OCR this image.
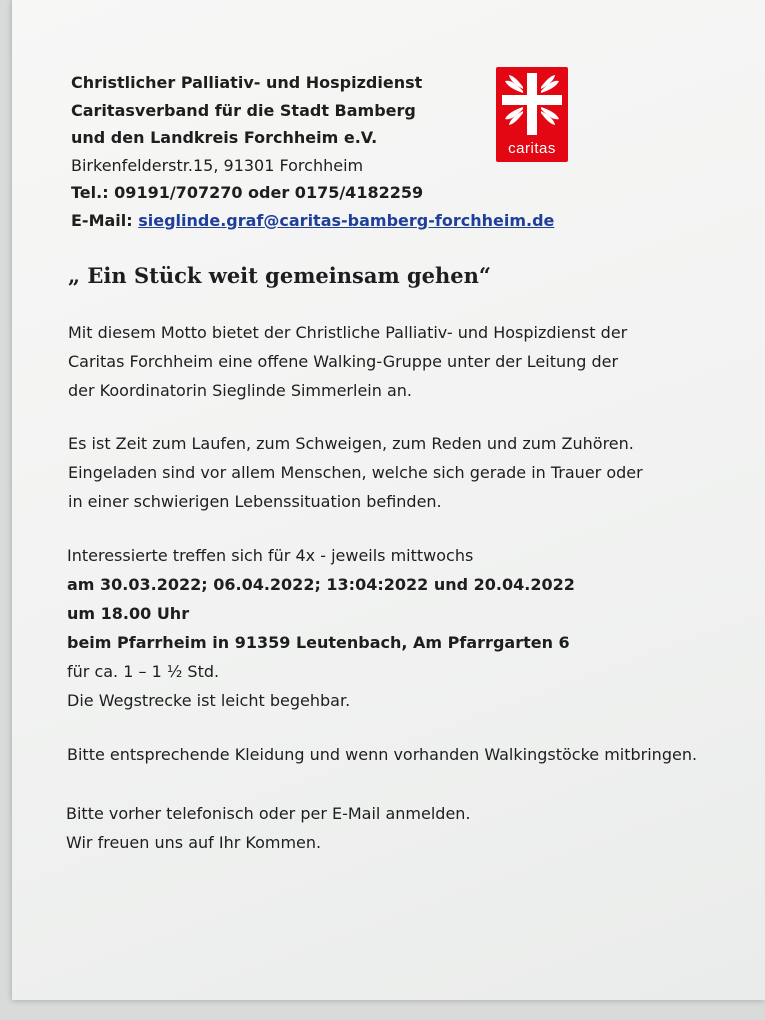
Christlicher Palliativ- und Hospizdienst
Caritasverband für die Stadt Bamberg
und den Landkreis Forchheim e.V.
Birkenfelderstr.15, 91301 Forchheim
Tel.: 09191/707270 oder 0175/4182259
E-Mail: sieglinde.graf@caritas-bamberg-forchheim.de
caritas
„ Ein Stück weit gemeinsam gehen“
Mit diesem Motto bietet der Christliche Palliativ- und Hospizdienst der
Caritas Forchheim eine offene Walking-Gruppe unter der Leitung der
der Koordinatorin Sieglinde Simmerlein an.
Es ist Zeit zum Laufen, zum Schweigen, zum Reden und zum Zuhören.
Eingeladen sind vor allem Menschen, welche sich gerade in Trauer oder
in einer schwierigen Lebenssituation befinden.
Interessierte treffen sich für 4x - jeweils mittwochs
am 30.03.2022; 06.04.2022; 13:04:2022 und 20.04.2022
um 18.00 Uhr
beim Pfarrheim in 91359 Leutenbach, Am Pfarrgarten 6
für ca. 1 – 1 ½ Std.
Die Wegstrecke ist leicht begehbar.
Bitte entsprechende Kleidung und wenn vorhanden Walkingstöcke mitbringen.
Bitte vorher telefonisch oder per E-Mail anmelden.
Wir freuen uns auf Ihr Kommen.
